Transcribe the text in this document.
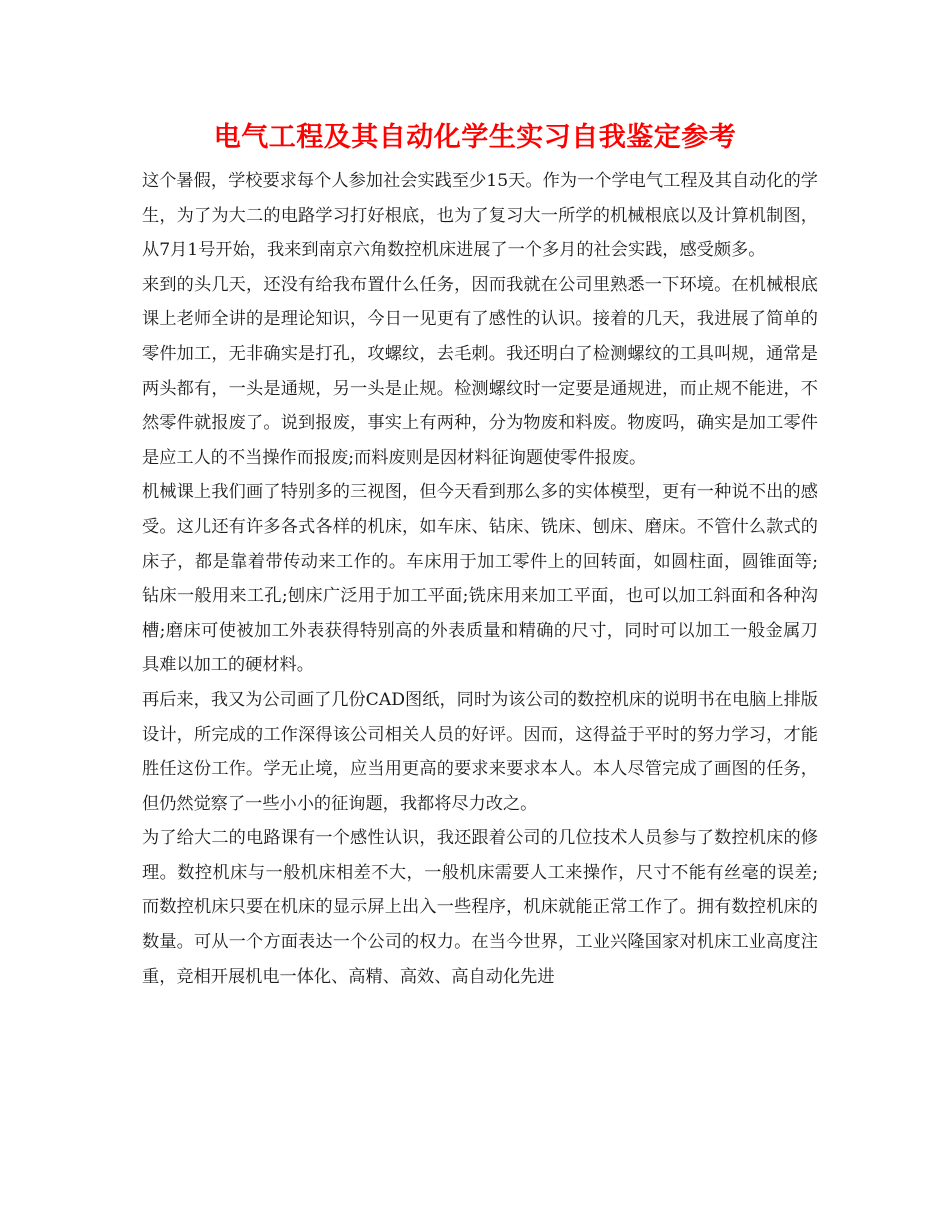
电气工程及其自动化学生实习自我鉴定参考

这个暑假，学校要求每个人参加社会实践至少15天。作为一个学电气工程及其自动化的学生，为了为大二的电路学习打好根底，也为了复习大一所学的机械根底以及计算机制图，从7月1号开始，我来到南京六角数控机床进展了一个多月的社会实践，感受颇多。

来到的头几天，还没有给我布置什么任务，因而我就在公司里熟悉一下环境。在机械根底课上老师全讲的是理论知识，今日一见更有了感性的认识。接着的几天，我进展了简单的零件加工，无非确实是打孔，攻螺纹，去毛刺。我还明白了检测螺纹的工具叫规，通常是两头都有，一头是通规，另一头是止规。检测螺纹时一定要是通规进，而止规不能进，不然零件就报废了。说到报废，事实上有两种，分为物废和料废。物废吗，确实是加工零件是应工人的不当操作而报废;而料废则是因材料征询题使零件报废。

机械课上我们画了特别多的三视图，但今天看到那么多的实体模型，更有一种说不出的感受。这儿还有许多各式各样的机床，如车床、钻床、铣床、刨床、磨床。不管什么款式的床子，都是靠着带传动来工作的。车床用于加工零件上的回转面，如圆柱面，圆锥面等;钻床一般用来工孔;刨床广泛用于加工平面;铣床用来加工平面，也可以加工斜面和各种沟槽;磨床可使被加工外表获得特别高的外表质量和精确的尺寸，同时可以加工一般金属刀具难以加工的硬材料。

再后来，我又为公司画了几份CAD图纸，同时为该公司的数控机床的说明书在电脑上排版设计，所完成的工作深得该公司相关人员的好评。因而，这得益于平时的努力学习，才能胜任这份工作。学无止境，应当用更高的要求来要求本人。本人尽管完成了画图的任务，但仍然觉察了一些小小的征询题，我都将尽力改之。

为了给大二的电路课有一个感性认识，我还跟着公司的几位技术人员参与了数控机床的修理。数控机床与一般机床相差不大，一般机床需要人工来操作，尺寸不能有丝毫的误差;而数控机床只要在机床的显示屏上出入一些程序，机床就能正常工作了。拥有数控机床的数量。可从一个方面表达一个公司的权力。在当今世界，工业兴隆国家对机床工业高度注重，竞相开展机电一体化、高精、高效、高自动化先进
